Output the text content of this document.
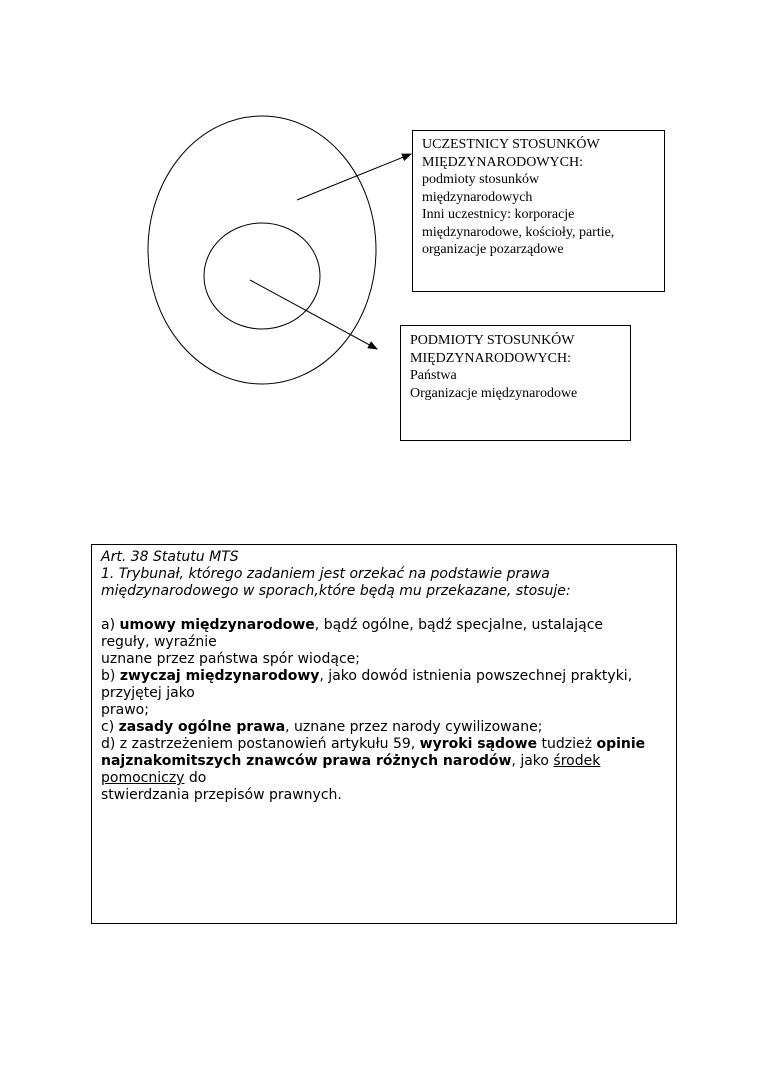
UCZESTNICY STOSUNKÓW
MIĘDZYNARODOWYCH:
podmioty stosunków
międzynarodowych
Inni uczestnicy: korporacje
międzynarodowe, kościoły, partie,
organizacje pozarządowe
PODMIOTY STOSUNKÓW
MIĘDZYNARODOWYCH:
Państwa
Organizacje międzynarodowe
Art. 38 Statutu MTS
1. Trybunał, którego zadaniem jest orzekać na podstawie prawa
międzynarodowego w sporach,które będą mu przekazane, stosuje:
a) umowy międzynarodowe, bądź ogólne, bądź specjalne, ustalające
reguły, wyraźnie
uznane przez państwa spór wiodące;
b) zwyczaj międzynarodowy, jako dowód istnienia powszechnej praktyki,
przyjętej jako
prawo;
c) zasady ogólne prawa, uznane przez narody cywilizowane;
d) z zastrzeżeniem postanowień artykułu 59, wyroki sądowe tudzież opinie
najznakomitszych znawców prawa różnych narodów, jako środek
pomocniczy do
stwierdzania przepisów prawnych.
